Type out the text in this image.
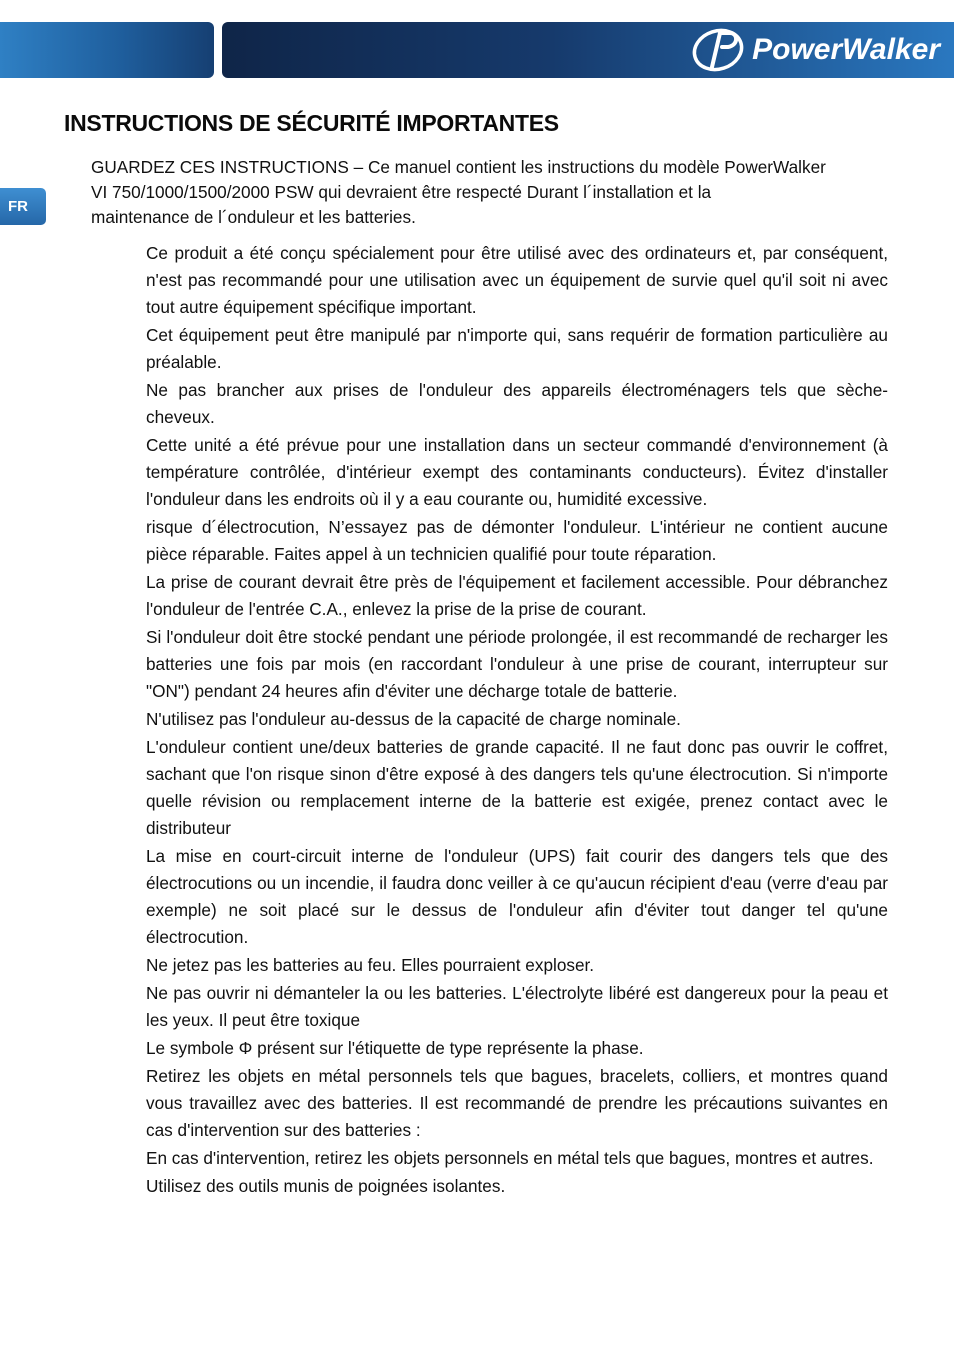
PowerWalker
FR
INSTRUCTIONS DE SÉCURITÉ IMPORTANTES

GUARDEZ CES INSTRUCTIONS – Ce manuel contient les instructions du modèle PowerWalker
VI 750/1000/1500/2000 PSW qui devraient être respecté Durant l´installation et la
maintenance de l´onduleur et les batteries.

Ce produit a été conçu spécialement pour être utilisé avec des ordinateurs et, par conséquent, n'est pas recommandé pour une utilisation avec un équipement de survie quel qu'il soit ni avec tout autre équipement spécifique important.
Cet équipement peut être manipulé par n'importe qui, sans requérir de formation particulière au préalable.
Ne pas brancher aux prises de l'onduleur des appareils électroménagers tels que sèche-cheveux.
Cette unité a été prévue pour une installation dans un secteur commandé d'environnement (à température contrôlée, d'intérieur exempt des contaminants conducteurs). Évitez d'installer l'onduleur dans les endroits où il y a eau courante ou, humidité excessive.
risque d´électrocution, N’essayez pas de démonter l'onduleur. L'intérieur ne contient aucune pièce réparable. Faites appel à un technicien qualifié pour toute réparation.
La prise de courant devrait être près de l'équipement et facilement accessible. Pour débranchez l'onduleur de l'entrée C.A., enlevez la prise de la prise de courant.
Si l'onduleur doit être stocké pendant une période prolongée, il est recommandé de recharger les batteries une fois par mois (en raccordant l'onduleur à une prise de courant, interrupteur sur "ON") pendant 24 heures afin d'éviter une décharge totale de batterie.
N'utilisez pas l'onduleur au-dessus de la capacité de charge nominale.
L'onduleur contient une/deux batteries de grande capacité. Il ne faut donc pas ouvrir le coffret, sachant que l'on risque sinon d'être exposé à des dangers tels qu'une électrocution. Si n'importe quelle révision ou remplacement interne de la batterie est exigée, prenez contact avec le distributeur
La mise en court-circuit interne de l'onduleur (UPS) fait courir des dangers tels que des électrocutions ou un incendie, il faudra donc veiller à ce qu'aucun récipient d'eau (verre d'eau par exemple) ne soit placé sur le dessus de l'onduleur afin d'éviter tout danger tel qu'une électrocution.
Ne jetez pas les batteries au feu. Elles pourraient exploser.
Ne pas ouvrir ni démanteler la ou les batteries. L'électrolyte libéré est dangereux pour la peau et les yeux. Il peut être toxique
Le symbole Φ présent sur l'étiquette de type représente la phase.
Retirez les objets en métal personnels tels que bagues, bracelets, colliers, et montres quand vous travaillez avec des batteries. Il est recommandé de prendre les précautions suivantes en cas d'intervention sur des batteries :
En cas d'intervention, retirez les objets personnels en métal tels que bagues, montres et autres.
Utilisez des outils munis de poignées isolantes.
